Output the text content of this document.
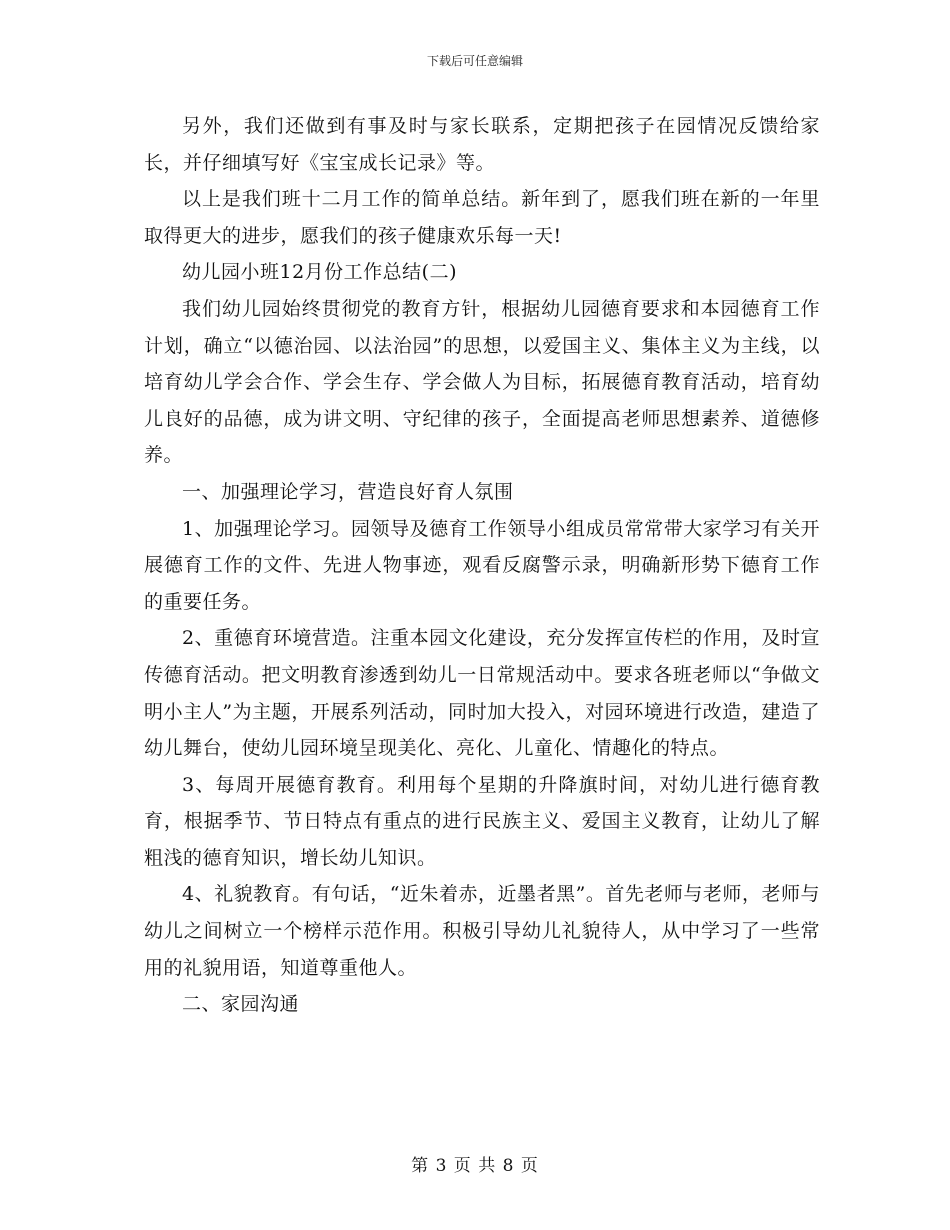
下载后可任意编辑

另外，我们还做到有事及时与家长联系，定期把孩子在园情况反馈给家长，并仔细填写好《宝宝成长记录》等。

以上是我们班十二月工作的简单总结。新年到了，愿我们班在新的一年里取得更大的进步，愿我们的孩子健康欢乐每一天!

幼儿园小班12月份工作总结(二)

我们幼儿园始终贯彻党的教育方针，根据幼儿园德育要求和本园德育工作计划，确立“以德治园、以法治园”的思想，以爱国主义、集体主义为主线，以培育幼儿学会合作、学会生存、学会做人为目标，拓展德育教育活动，培育幼儿良好的品德，成为讲文明、守纪律的孩子，全面提高老师思想素养、道德修养。

一、加强理论学习，营造良好育人氛围

1、加强理论学习。园领导及德育工作领导小组成员常常带大家学习有关开展德育工作的文件、先进人物事迹，观看反腐警示录，明确新形势下德育工作的重要任务。

2、重德育环境营造。注重本园文化建设，充分发挥宣传栏的作用，及时宣传德育活动。把文明教育渗透到幼儿一日常规活动中。要求各班老师以“争做文明小主人”为主题，开展系列活动，同时加大投入，对园环境进行改造，建造了幼儿舞台，使幼儿园环境呈现美化、亮化、儿童化、情趣化的特点。

3、每周开展德育教育。利用每个星期的升降旗时间，对幼儿进行德育教育，根据季节、节日特点有重点的进行民族主义、爱国主义教育，让幼儿了解粗浅的德育知识，增长幼儿知识。

4、礼貌教育。有句话，“近朱着赤，近墨者黑”。首先老师与老师，老师与幼儿之间树立一个榜样示范作用。积极引导幼儿礼貌待人，从中学习了一些常用的礼貌用语，知道尊重他人。

二、家园沟通

第 3 页 共 8 页
